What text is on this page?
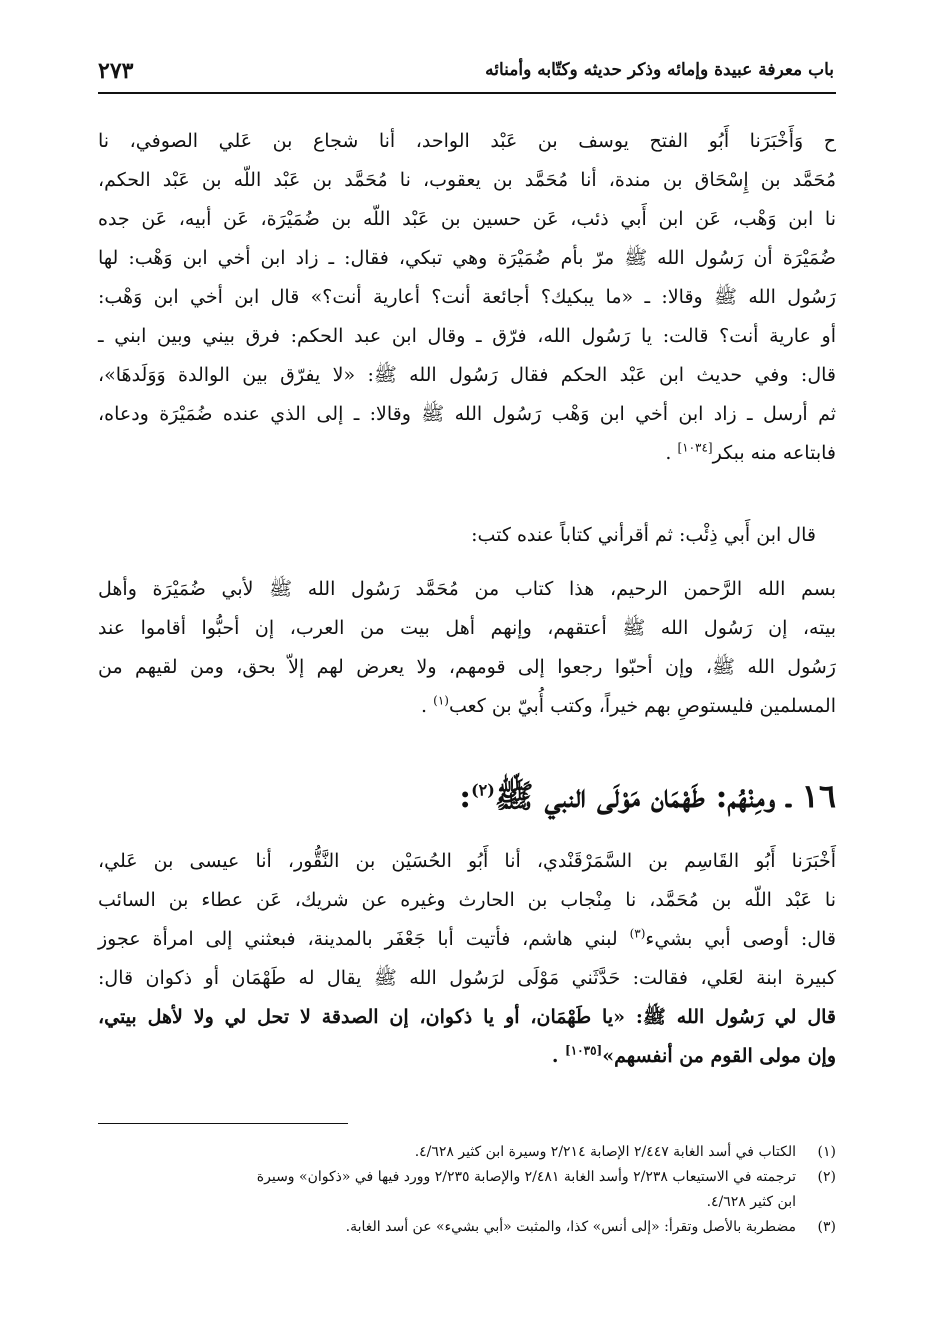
باب معرفة عبيدة وإمائه وذكر حديثه وكتّابه وأمنائه
٢٧٣
ح وَأَخْبَرَنا أَبُو الفتح يوسف بن عَبْد الواحد، أنا شجاع بن عَلي الصوفي، نا
مُحَمَّد بن إِسْحَاق بن مندة، أنا مُحَمَّد بن يعقوب، نا مُحَمَّد بن عَبْد اللّه بن عَبْد الحكم،
نا ابن وَهْب، عَن ابن أَبي ذئب، عَن حسين بن عَبْد اللّه بن ضُمَيْرَة، عَن أبيه، عَن جده
ضُمَيْرَة أن رَسُول الله ﷺ مرّ بأم ضُمَيْرَة وهي تبكي، فقال: ـ زاد ابن أخي ابن وَهْب: لها
رَسُول الله ﷺ وقالا: ـ «ما يبكيك؟ أجائعة أنت؟ أعارية أنت؟» قال ابن أخي ابن وَهْب:
أو عارية أنت؟ قالت: يا رَسُول الله، فرّق ـ وقال ابن عبد الحكم: فرق بيني وبين ابني ـ
قال: وفي حديث ابن عَبْد الحكم فقال رَسُول الله ﷺ: «لا يفرّق بين الوالدة وَوَلَدهَا»،
ثم أرسل ـ زاد ابن أخي ابن وَهْب رَسُول الله ﷺ وقالا: ـ إلى الذي عنده ضُمَيْرَة ودعاه،
فابتاعه منه ببكر[١٠٣٤] .
قال ابن أَبي ذِئْب: ثم أقرأني كتاباً عنده كتب:
بسم الله الرَّحمن الرحيم، هذا كتاب من مُحَمَّد رَسُول الله ﷺ لأبي ضُمَيْرَة وأهل
بيته، إن رَسُول الله ﷺ أعتقهم، وإنهم أهل بيت من العرب، إن أحبُّوا أقاموا عند
رَسُول الله ﷺ، وإن أحبّوا رجعوا إلى قومهم، ولا يعرض لهم إلاّ بحق، ومن لقيهم من
المسلمين فليستوصِ بهم خيراً، وكتب أُبيّ بن كعب$^{(١)}$ .
١٦ ـ ومِنْهُم: طَهْمَان مَوْلَى النبي ﷺ$^{(٢)}$:
أَخْبَرَنا أَبُو القَاسِم بن السَّمَرْقَنْدي، أنا أَبُو الحُسَيْن بن النَّقُّور، أنا عيسى بن عَلي،
نا عَبْد اللّه بن مُحَمَّد، نا مِنْجاب بن الحارث وغيره عن شريك، عَن عطاء بن السائب
قال: أوصى أبي بشيء$^{(٣)}$ لبني هاشم، فأتيت أبا جَعْفَر بالمدينة، فبعثني إلى امرأة عجوز
كبيرة ابنة لعَلي، فقالت: حَدَّثَني مَوْلَى لرَسُول الله ﷺ يقال له طَهْمَان أو ذكوان قال:
قال لي رَسُول الله ﷺ: «يا طَهْمَان، أو يا ذكوان، إن الصدقة لا تحل لي ولا لأهل بيتي،
وإن مولى القوم من أنفسهم»[١٠٣٥] .
(١)الكتاب في أسد الغابة ٢/٤٤٧ الإصابة ٢/٢١٤ وسيرة ابن كثير ٤/٦٢٨.
(٢)ترجمته في الاستيعاب ٢/٢٣٨ وأسد الغابة ٢/٤٨١ والإصابة ٢/٢٣٥ وورد فيها في «ذكوان» وسيرة
ابن كثير ٤/٦٢٨.
(٣)مضطربة بالأصل وتقرأ: «إلى أنس» كذا، والمثبت «أبي بشيء» عن أسد الغابة.
